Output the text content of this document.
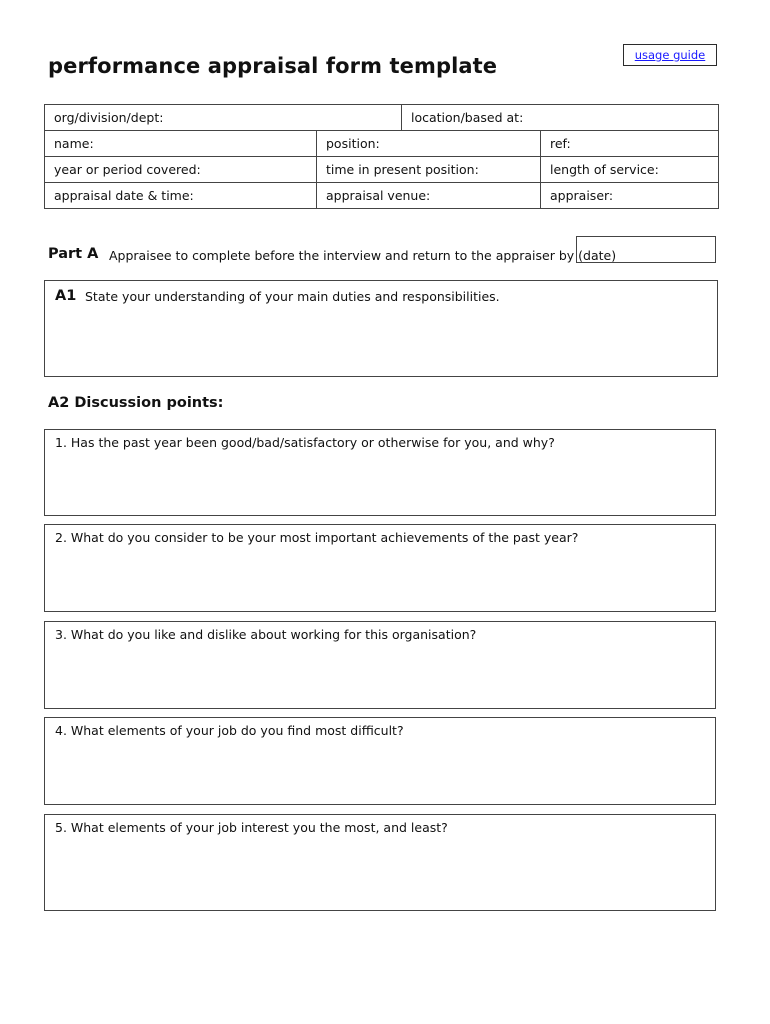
usage guide
performance appraisal form template
org/division/dept:		location/based at:	
name:	position:		ref:
year or period covered:	time in present position:		length of service:
appraisal date & time:	appraisal venue:		appraiser:
Part A Appraisee to complete before the interview and return to the appraiser by (date)
A1 State your understanding of your main duties and responsibilities.
A2 Discussion points:
1. Has the past year been good/bad/satisfactory or otherwise for you, and why?
2. What do you consider to be your most important achievements of the past year?
3. What do you like and dislike about working for this organisation?
4. What elements of your job do you find most difficult?
5. What elements of your job interest you the most, and least?
